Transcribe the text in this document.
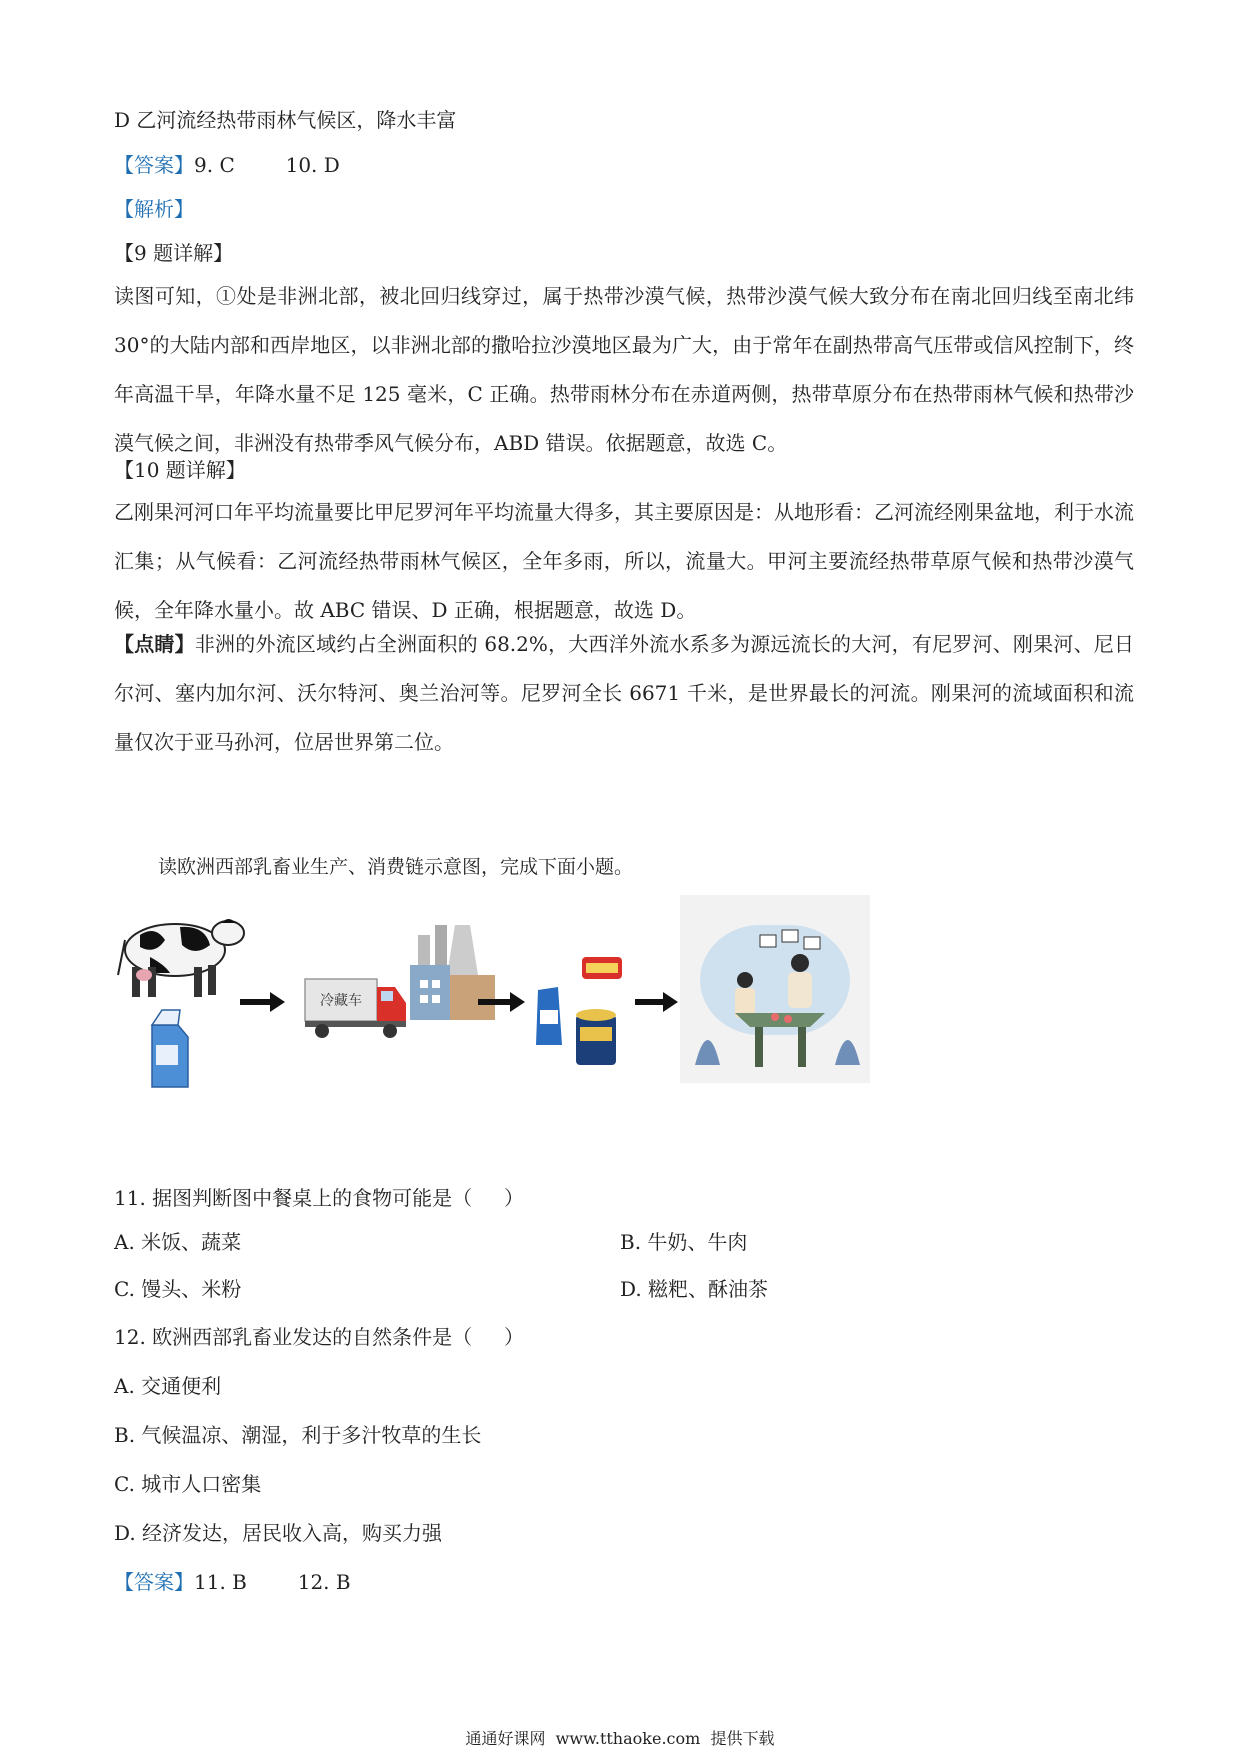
D 乙河流经热带雨林气候区，降水丰富
【答案】9. C        10. D
【解析】
【9 题详解】
读图可知，①处是非洲北部，被北回归线穿过，属于热带沙漠气候，热带沙漠气候大致分布在南北回归线至南北纬 30°的大陆内部和西岸地区，以非洲北部的撒哈拉沙漠地区最为广大，由于常年在副热带高气压带或信风控制下，终年高温干旱，年降水量不足 125 毫米，C 正确。热带雨林分布在赤道两侧，热带草原分布在热带雨林气候和热带沙漠气候之间，非洲没有热带季风气候分布，ABD 错误。依据题意，故选 C。
【10 题详解】
乙刚果河河口年平均流量要比甲尼罗河年平均流量大得多，其主要原因是：从地形看：乙河流经刚果盆地，利于水流汇集；从气候看：乙河流经热带雨林气候区，全年多雨，所以，流量大。甲河主要流经热带草原气候和热带沙漠气候，全年降水量小。故 ABC 错误、D 正确，根据题意，故选 D。
【点睛】非洲的外流区域约占全洲面积的 68.2%，大西洋外流水系多为源远流长的大河，有尼罗河、刚果河、尼日尔河、塞内加尔河、沃尔特河、奥兰治河等。尼罗河全长 6671 千米，是世界最长的河流。刚果河的流域面积和流量仅次于亚马孙河，位居世界第二位。
读欧洲西部乳畜业生产、消费链示意图，完成下面小题。
冷藏车
11. 据图判断图中餐桌上的食物可能是（     ）
A. 米饭、蔬菜	B. 牛奶、牛肉
C. 馒头、米粉	D. 糍粑、酥油茶
12. 欧洲西部乳畜业发达的自然条件是（     ）
A. 交通便利
B. 气候温凉、潮湿，利于多汁牧草的生长
C. 城市人口密集
D. 经济发达，居民收入高，购买力强
【答案】11. B        12. B
通通好课网  www.tthaoke.com  提供下载
